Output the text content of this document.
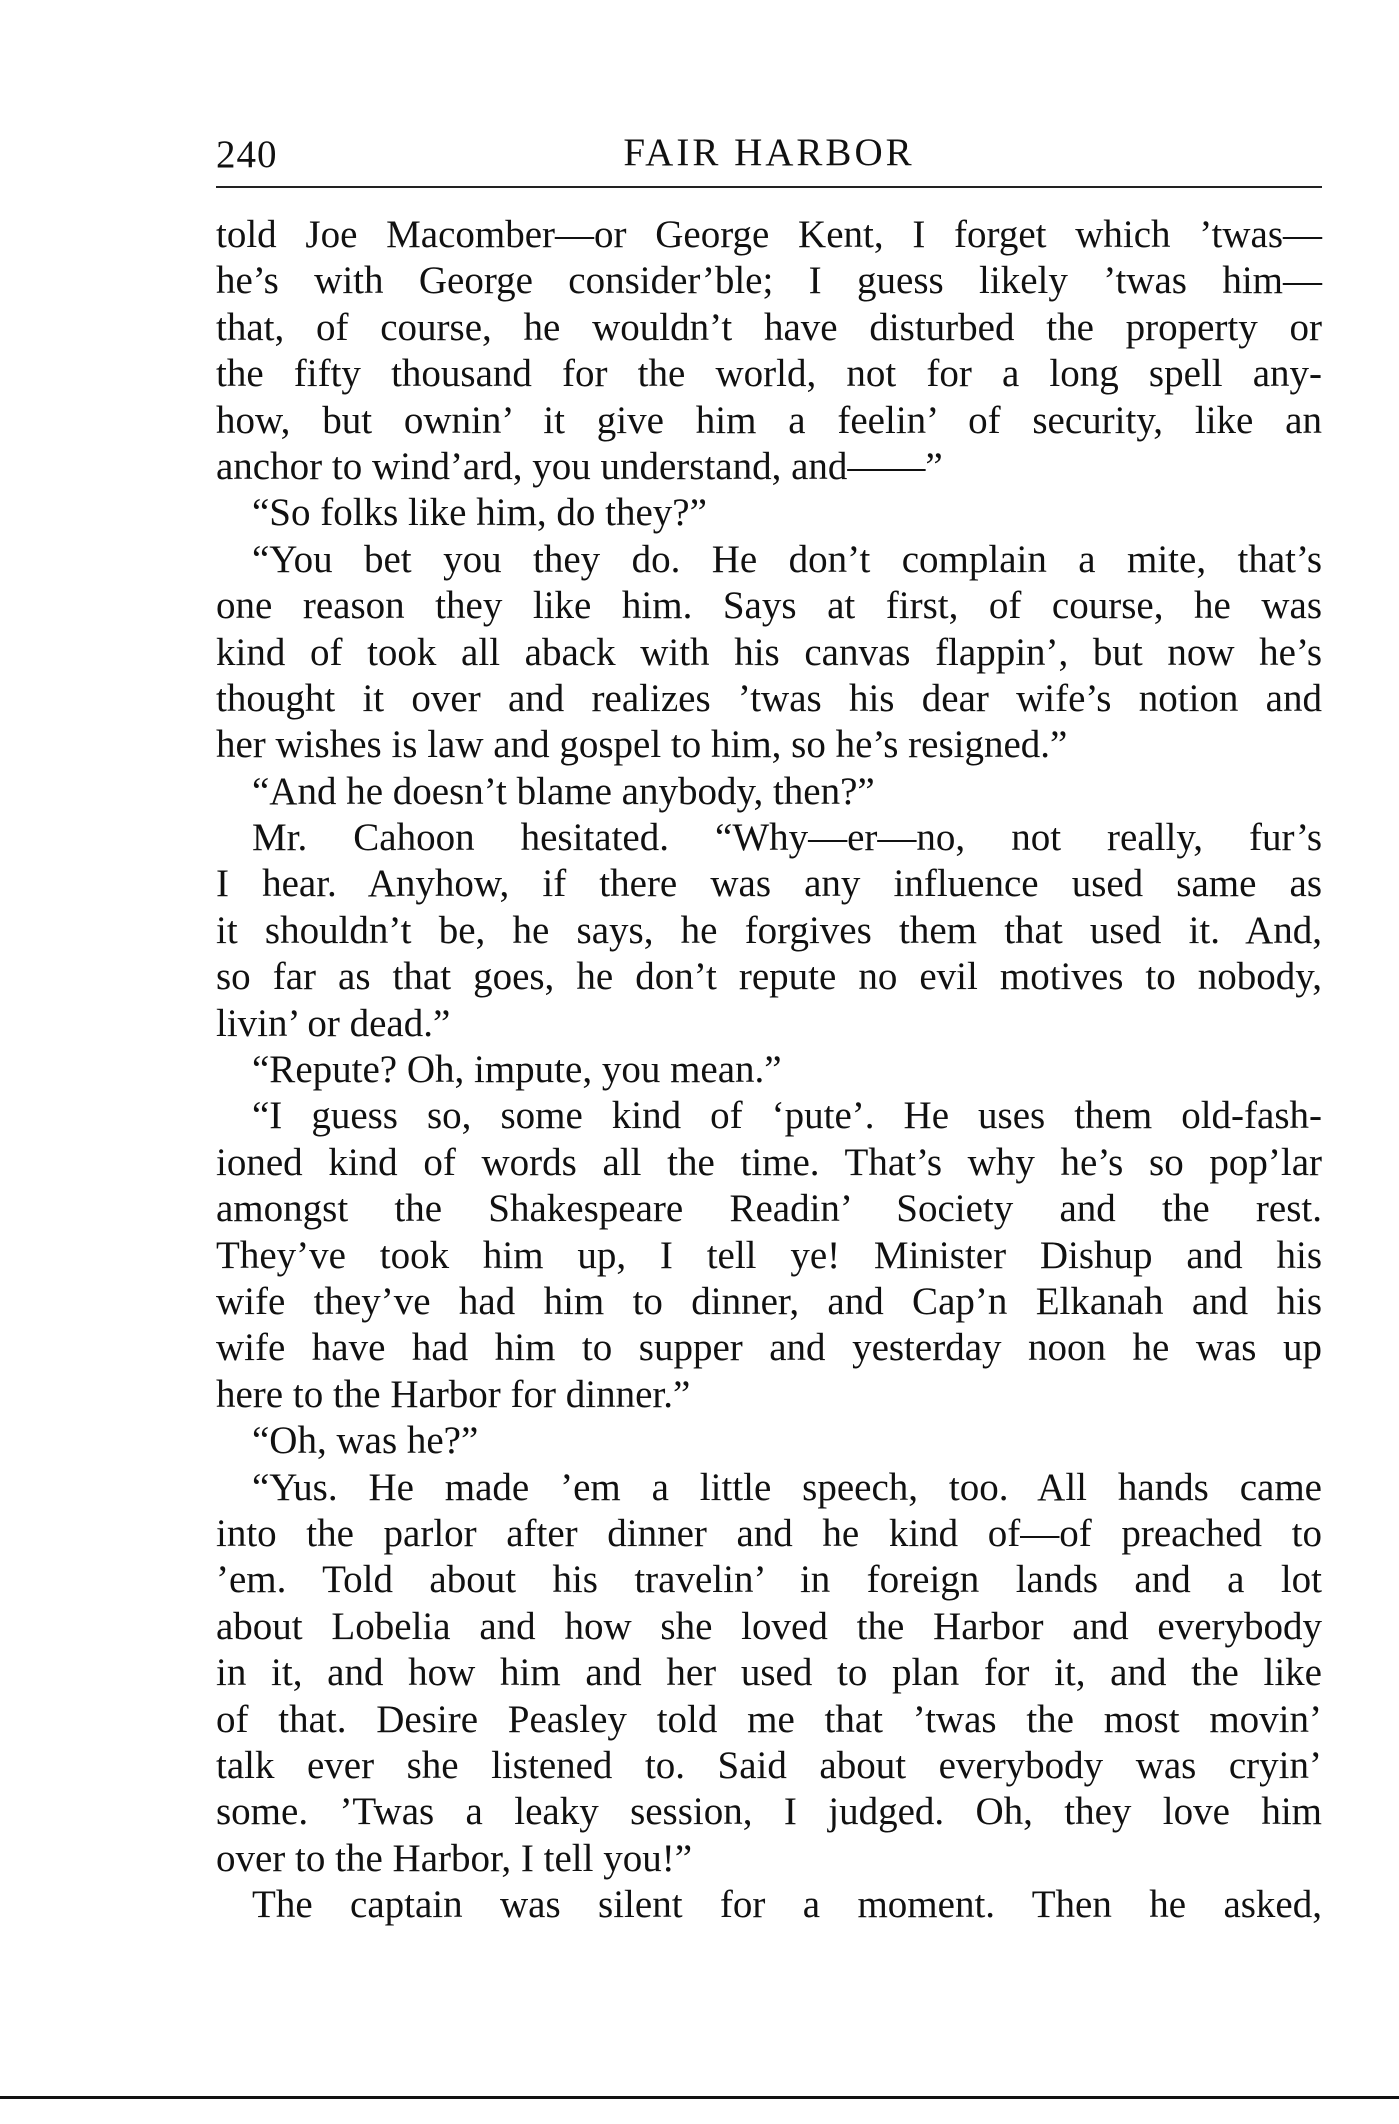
240	FAIR HARBOR
told Joe Macomber—or George Kent, I forget which ’twas—
he’s with George consider’ble; I guess likely ’twas him—
that, of course, he wouldn’t have disturbed the property or
the fifty thousand for the world, not for a long spell any-
how, but ownin’ it give him a feelin’ of security, like an
anchor to wind’ard, you understand, and——”
“So folks like him, do they?”
“You bet you they do. He don’t complain a mite, that’s
one reason they like him. Says at first, of course, he was
kind of took all aback with his canvas flappin’, but now he’s
thought it over and realizes ’twas his dear wife’s notion and
her wishes is law and gospel to him, so he’s resigned.”
“And he doesn’t blame anybody, then?”
Mr. Cahoon hesitated. “Why—er—no, not really, fur’s
I hear. Anyhow, if there was any influence used same as
it shouldn’t be, he says, he forgives them that used it. And,
so far as that goes, he don’t repute no evil motives to nobody,
livin’ or dead.”
“Repute? Oh, impute, you mean.”
“I guess so, some kind of ‘pute’. He uses them old-fash-
ioned kind of words all the time. That’s why he’s so pop’lar
amongst the Shakespeare Readin’ Society and the rest.
They’ve took him up, I tell ye! Minister Dishup and his
wife they’ve had him to dinner, and Cap’n Elkanah and his
wife have had him to supper and yesterday noon he was up
here to the Harbor for dinner.”
“Oh, was he?”
“Yus. He made ’em a little speech, too. All hands came
into the parlor after dinner and he kind of—of preached to
’em. Told about his travelin’ in foreign lands and a lot
about Lobelia and how she loved the Harbor and everybody
in it, and how him and her used to plan for it, and the like
of that. Desire Peasley told me that ’twas the most movin’
talk ever she listened to. Said about everybody was cryin’
some. ’Twas a leaky session, I judged. Oh, they love him
over to the Harbor, I tell you!”
The captain was silent for a moment. Then he asked,
